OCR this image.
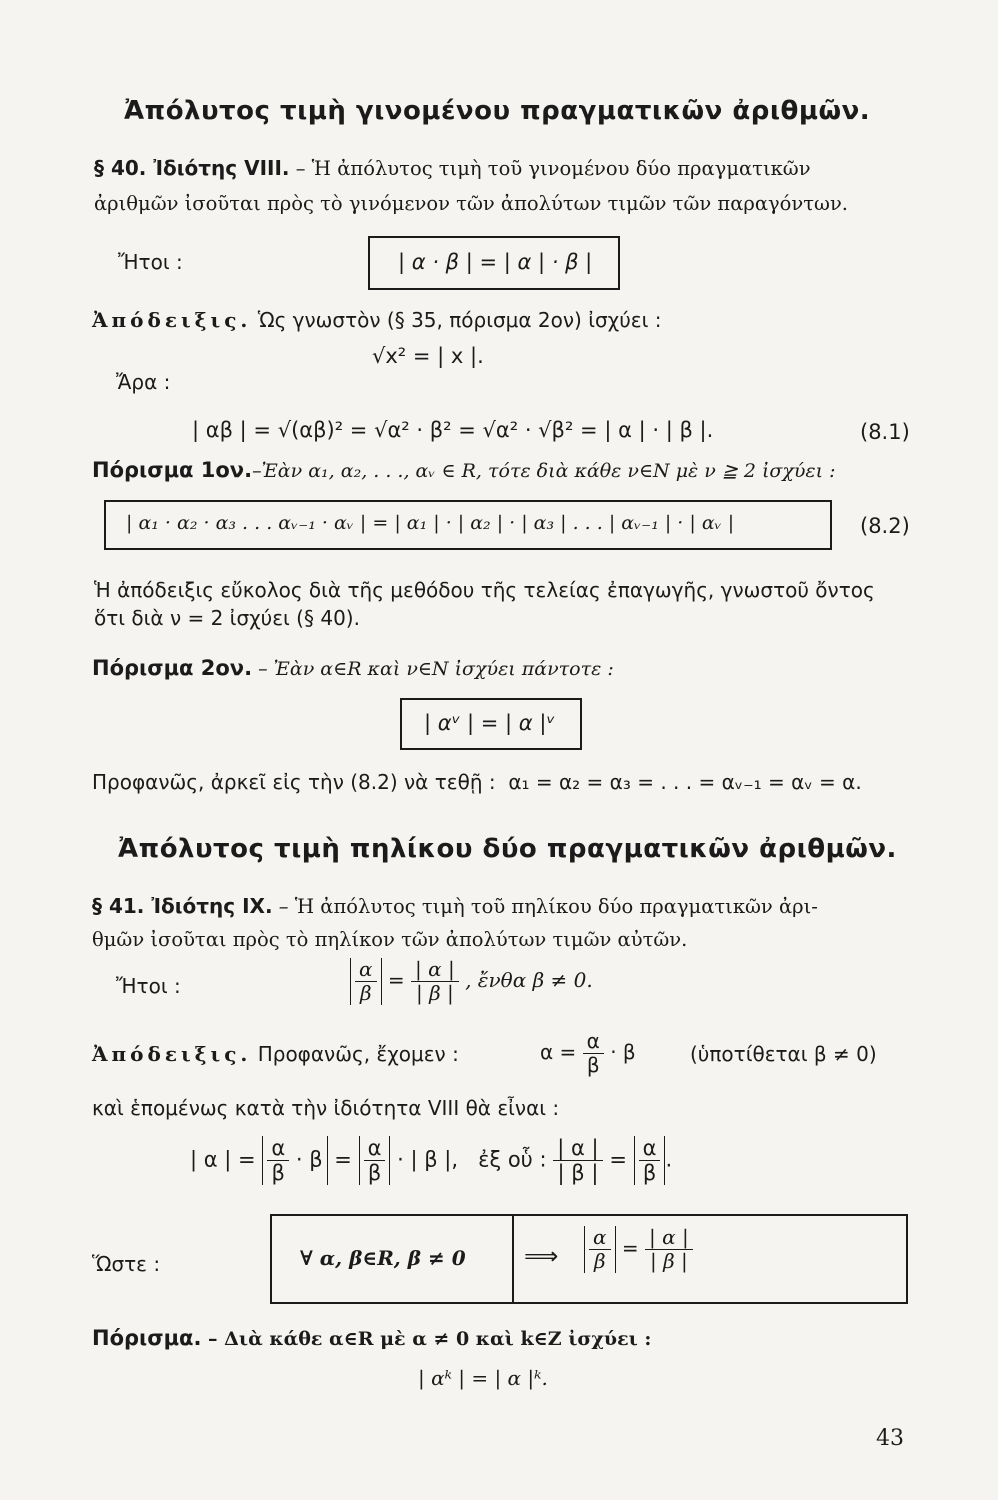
Ἀπόλυτος τιμὴ γινομένου πραγματικῶν ἀριθμῶν.
§ 40. Ἰδιότης VIII. – Ἡ ἀπόλυτος τιμὴ τοῦ γινομένου δύο πραγματικῶν
ἀριθμῶν ἰσοῦται πρὸς τὸ γινόμενον τῶν ἀπολύτων τιμῶν τῶν παραγόντων.
Ἤτοι :	| α · β | = | α | · β |
Ἀπόδειξις. Ὡς γνωστὸν (§ 35, πόρισμα 2ον) ἰσχύει :
√x² = | x |.
Ἄρα :
| αβ | = √(αβ)² = √α² · β² = √α² · √β² = | α | · | β |.	(8.1)
Πόρισμα 1ον.–Ἐὰν α₁, α₂, . . ., αᵥ ∈ R, τότε διὰ κάθε ν∈N μὲ ν ≧ 2 ἰσχύει :
| α₁ · α₂ · α₃ . . . αᵥ₋₁ · αᵥ | = | α₁ | · | α₂ | · | α₃ | . . . | αᵥ₋₁ | · | αᵥ |	(8.2)
Ἡ ἀπόδειξις εὔκολος διὰ τῆς μεθόδου τῆς τελείας ἐπαγωγῆς, γνωστοῦ ὄντος
ὅτι διὰ ν = 2 ἰσχύει (§ 40).
Πόρισμα 2ον. – Ἐὰν α∈R καὶ ν∈N ἰσχύει πάντοτε :
| αᵛ | = | α |ᵛ
Προφανῶς, ἀρκεῖ εἰς τὴν (8.2) νὰ τεθῇ : α₁ = α₂ = α₃ = . . . = αᵥ₋₁ = αᵥ = α.
Ἀπόλυτος τιμὴ πηλίκου δύο πραγματικῶν ἀριθμῶν.
§ 41. Ἰδιότης IX. – Ἡ ἀπόλυτος τιμὴ τοῦ πηλίκου δύο πραγματικῶν ἀρι-
θμῶν ἰσοῦται πρὸς τὸ πηλίκον τῶν ἀπολύτων τιμῶν αὐτῶν.
Ἤτοι :	$\frac{\alpha}{\beta} = \frac{| \alpha |}{| \beta |}$ , ἔνθα β ≠ 0.
Ἀπόδειξις. Προφανῶς, ἔχομεν :	$\alpha = \frac{\alpha}{\beta} \cdot \beta$	(ὑποτίθεται β ≠ 0)
καὶ ἑπομένως κατὰ τὴν ἰδιότητα VIII θὰ εἶναι :
| α | = $\frac{\alpha}{\beta} \cdot \beta = \frac{\alpha}{\beta}$ · | β |, ἐξ οὗ : $\frac{| \alpha |}{| \beta |} = \frac{\alpha}{\beta}$ .
Ὥστε :	∀ α, β∈R, β ≠ 0 ⟹ $\frac{\alpha}{\beta} = \frac{| \alpha |}{| \beta |}$
Πόρισμα. – Διὰ κάθε α∈R μὲ α ≠ 0 καὶ k∈Z ἰσχύει :
| αᵏ | = | α |ᵏ.
43
